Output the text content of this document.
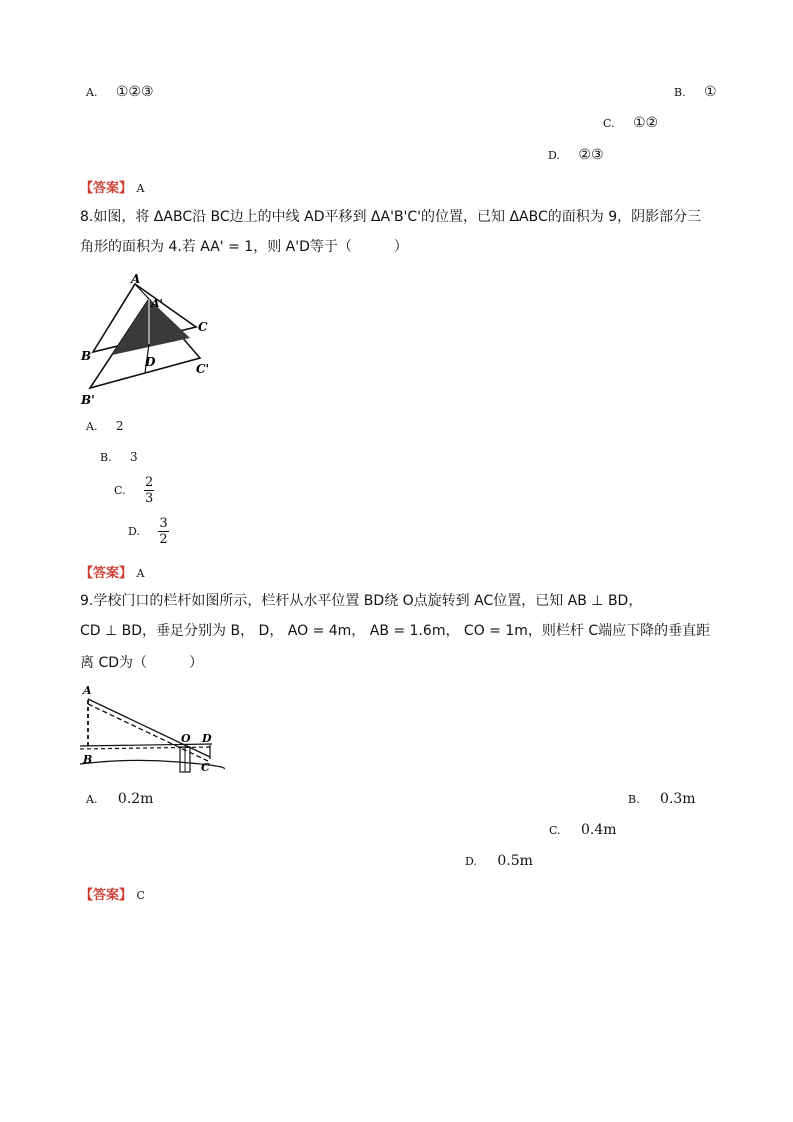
A. ①②③	B. ①
C. ①②
D. ②③
【答案】 A
8.如图，将 ΔABC沿 BC边上的中线 AD平移到 ΔA'B'C'的位置，已知 ΔABC的面积为 9，阴影部分三
角形的面积为 4.若 AA' = 1，则 A'D等于（　　　）
A
A'
B
C
D	C'
B'
A. 2
B. 3
C. $\frac{2}{3}$
D. $\frac{3}{2}$
【答案】 A
9.学校门口的栏杆如图所示，栏杆从水平位置 BD绕 O点旋转到 AC位置，已知 AB ⊥ BD，
CD ⊥ BD，垂足分别为 B， D， AO = 4m， AB = 1.6m， CO = 1m，则栏杆 C端应下降的垂直距
离 CD为（　　　）
A
B
O D
C
A. 0.2m	B. 0.3m
C. 0.4m
D. 0.5m
【答案】 C
